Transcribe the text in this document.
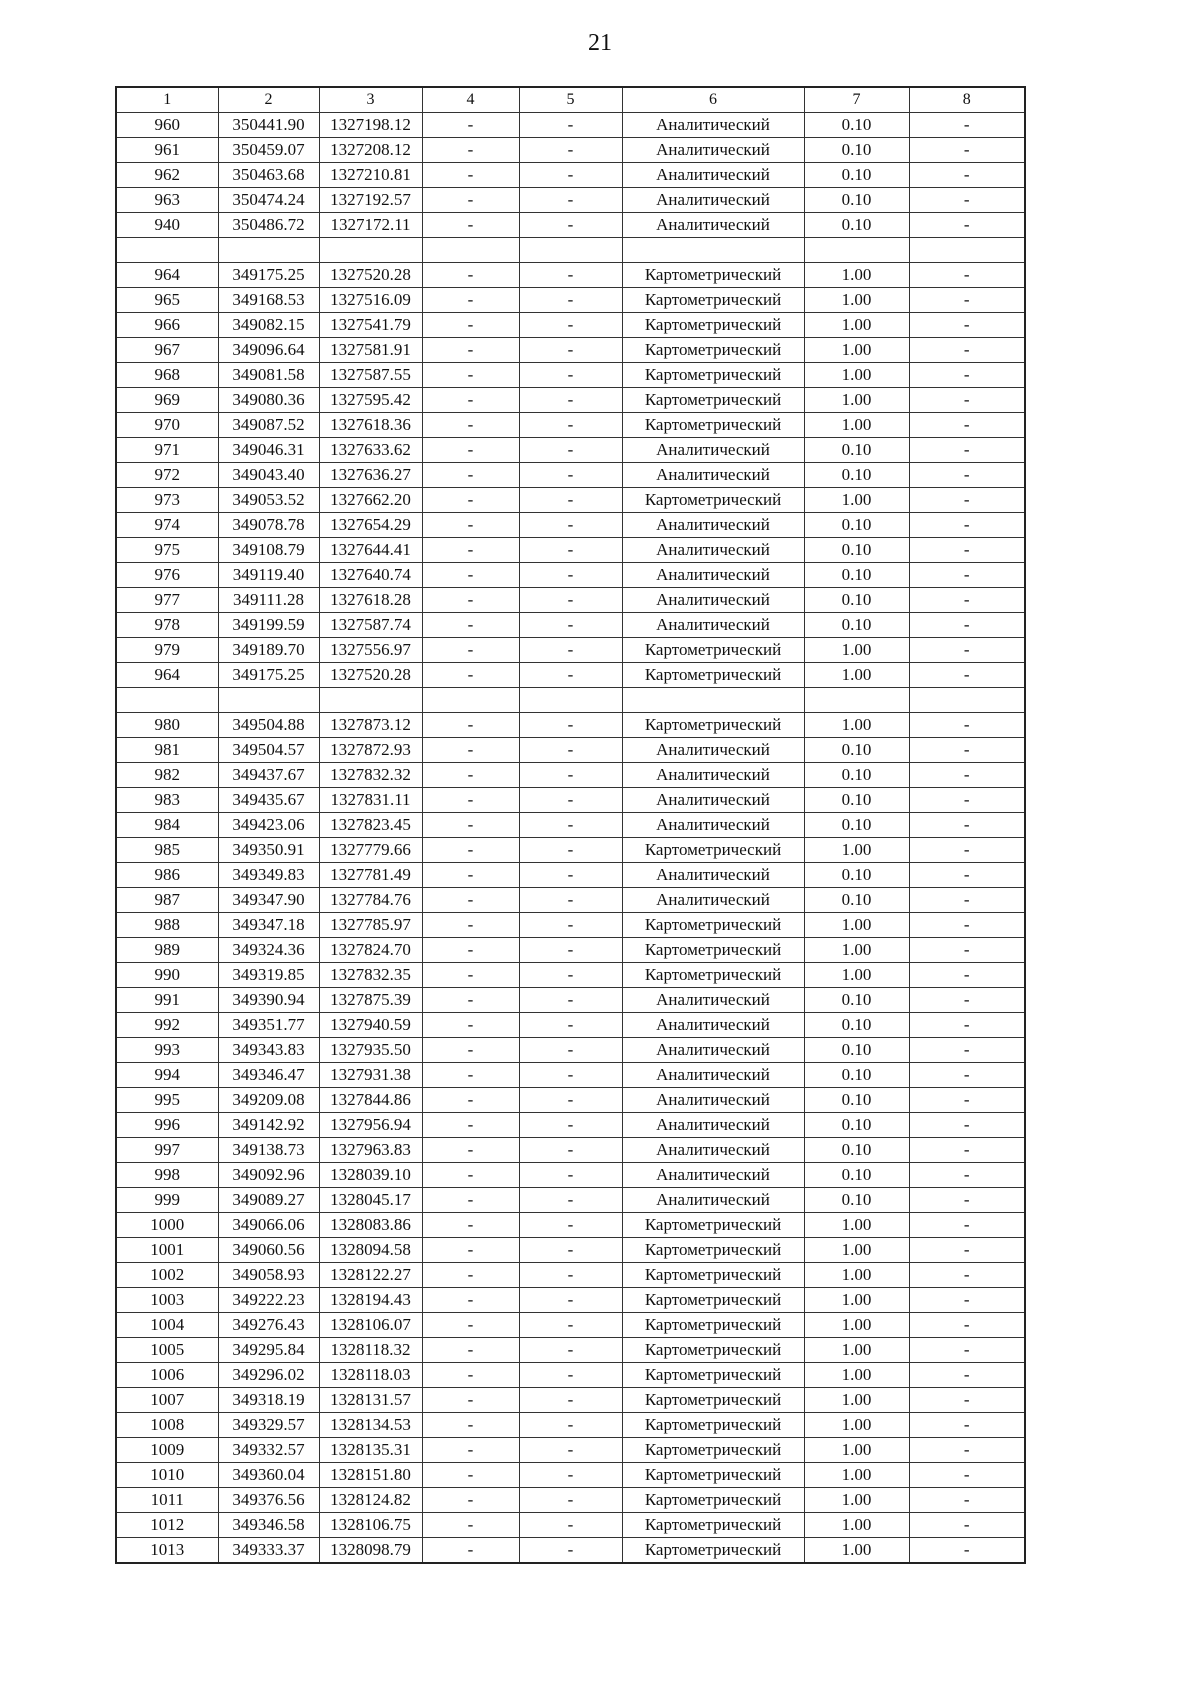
21
1	2	3	4	5	6	7	8
960	350441.90	1327198.12	-	-	Аналитический	0.10	-
961	350459.07	1327208.12	-	-	Аналитический	0.10	-
962	350463.68	1327210.81	-	-	Аналитический	0.10	-
963	350474.24	1327192.57	-	-	Аналитический	0.10	-
940	350486.72	1327172.11	-	-	Аналитический	0.10	-

964	349175.25	1327520.28	-	-	Картометрический	1.00	-
965	349168.53	1327516.09	-	-	Картометрический	1.00	-
966	349082.15	1327541.79	-	-	Картометрический	1.00	-
967	349096.64	1327581.91	-	-	Картометрический	1.00	-
968	349081.58	1327587.55	-	-	Картометрический	1.00	-
969	349080.36	1327595.42	-	-	Картометрический	1.00	-
970	349087.52	1327618.36	-	-	Картометрический	1.00	-
971	349046.31	1327633.62	-	-	Аналитический	0.10	-
972	349043.40	1327636.27	-	-	Аналитический	0.10	-
973	349053.52	1327662.20	-	-	Картометрический	1.00	-
974	349078.78	1327654.29	-	-	Аналитический	0.10	-
975	349108.79	1327644.41	-	-	Аналитический	0.10	-
976	349119.40	1327640.74	-	-	Аналитический	0.10	-
977	349111.28	1327618.28	-	-	Аналитический	0.10	-
978	349199.59	1327587.74	-	-	Аналитический	0.10	-
979	349189.70	1327556.97	-	-	Картометрический	1.00	-
964	349175.25	1327520.28	-	-	Картометрический	1.00	-

980	349504.88	1327873.12	-	-	Картометрический	1.00	-
981	349504.57	1327872.93	-	-	Аналитический	0.10	-
982	349437.67	1327832.32	-	-	Аналитический	0.10	-
983	349435.67	1327831.11	-	-	Аналитический	0.10	-
984	349423.06	1327823.45	-	-	Аналитический	0.10	-
985	349350.91	1327779.66	-	-	Картометрический	1.00	-
986	349349.83	1327781.49	-	-	Аналитический	0.10	-
987	349347.90	1327784.76	-	-	Аналитический	0.10	-
988	349347.18	1327785.97	-	-	Картометрический	1.00	-
989	349324.36	1327824.70	-	-	Картометрический	1.00	-
990	349319.85	1327832.35	-	-	Картометрический	1.00	-
991	349390.94	1327875.39	-	-	Аналитический	0.10	-
992	349351.77	1327940.59	-	-	Аналитический	0.10	-
993	349343.83	1327935.50	-	-	Аналитический	0.10	-
994	349346.47	1327931.38	-	-	Аналитический	0.10	-
995	349209.08	1327844.86	-	-	Аналитический	0.10	-
996	349142.92	1327956.94	-	-	Аналитический	0.10	-
997	349138.73	1327963.83	-	-	Аналитический	0.10	-
998	349092.96	1328039.10	-	-	Аналитический	0.10	-
999	349089.27	1328045.17	-	-	Аналитический	0.10	-
1000	349066.06	1328083.86	-	-	Картометрический	1.00	-
1001	349060.56	1328094.58	-	-	Картометрический	1.00	-
1002	349058.93	1328122.27	-	-	Картометрический	1.00	-
1003	349222.23	1328194.43	-	-	Картометрический	1.00	-
1004	349276.43	1328106.07	-	-	Картометрический	1.00	-
1005	349295.84	1328118.32	-	-	Картометрический	1.00	-
1006	349296.02	1328118.03	-	-	Картометрический	1.00	-
1007	349318.19	1328131.57	-	-	Картометрический	1.00	-
1008	349329.57	1328134.53	-	-	Картометрический	1.00	-
1009	349332.57	1328135.31	-	-	Картометрический	1.00	-
1010	349360.04	1328151.80	-	-	Картометрический	1.00	-
1011	349376.56	1328124.82	-	-	Картометрический	1.00	-
1012	349346.58	1328106.75	-	-	Картометрический	1.00	-
1013	349333.37	1328098.79	-	-	Картометрический	1.00	-
